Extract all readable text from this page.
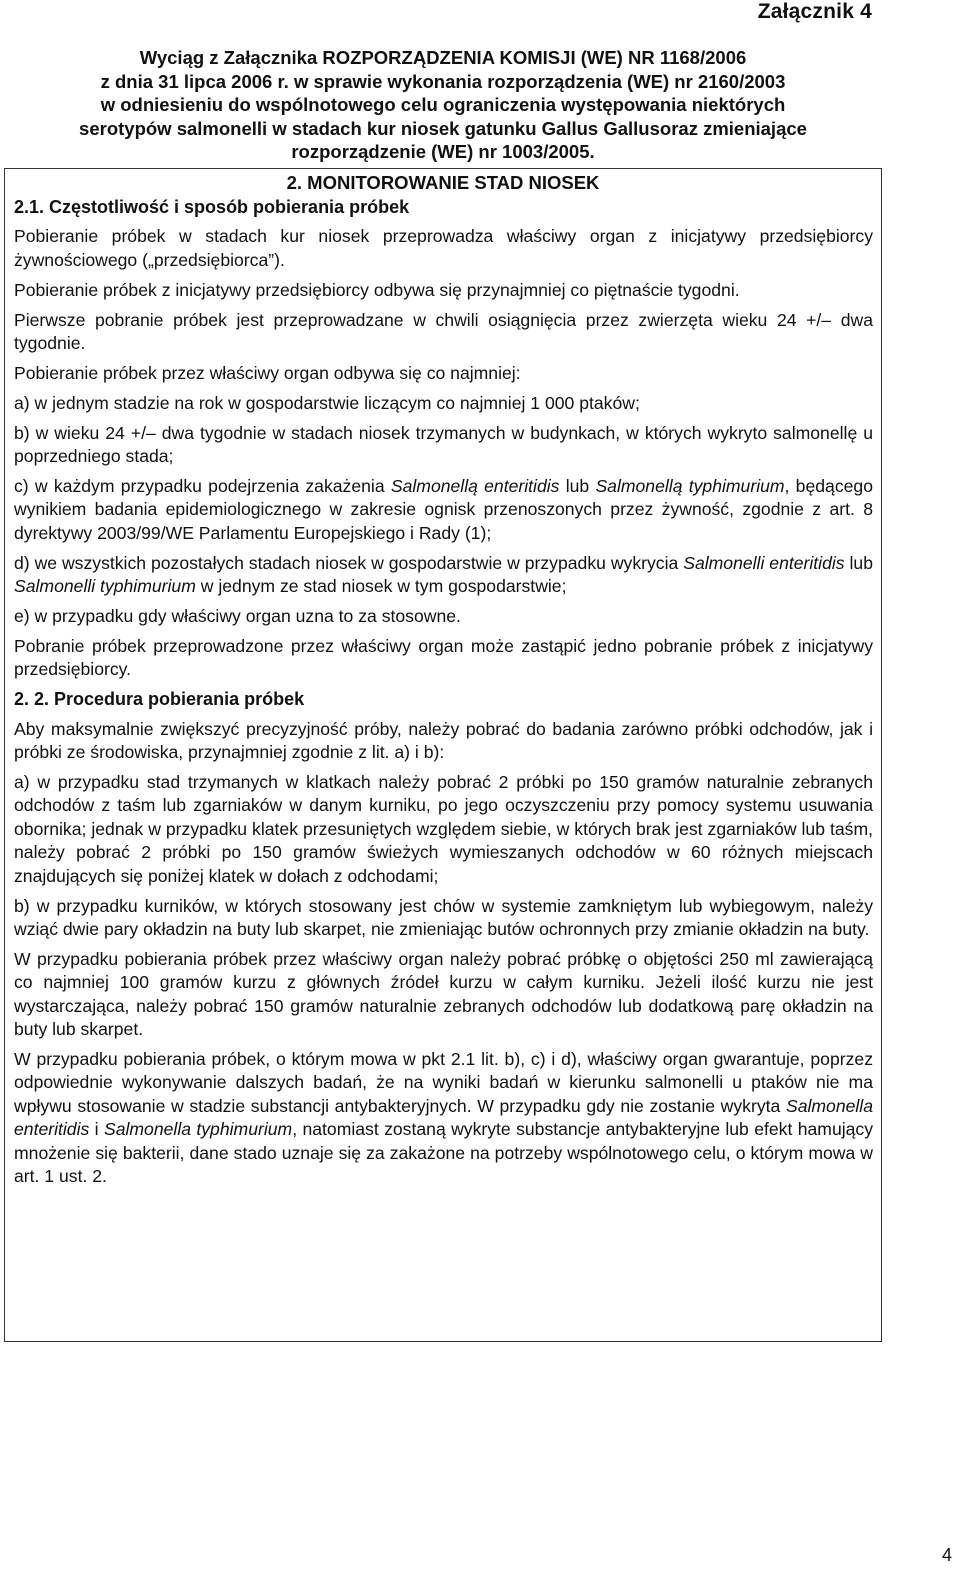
Załącznik 4
Wyciąg z Załącznika ROZPORZĄDZENIA KOMISJI (WE) NR 1168/2006
z dnia 31 lipca 2006 r. w sprawie wykonania rozporządzenia (WE) nr 2160/2003
w odniesieniu do wspólnotowego celu ograniczenia występowania niektórych
serotypów salmonelli w stadach kur niosek gatunku Gallus Gallusoraz zmieniające
rozporządzenie (WE) nr 1003/2005.
2. MONITOROWANIE STAD NIOSEK
2.1. Częstotliwość i sposób pobierania próbek

Pobieranie próbek w stadach kur niosek przeprowadza właściwy organ z inicjatywy przedsiębiorcy żywnościowego („przedsiębiorca”).

Pobieranie próbek z inicjatywy przedsiębiorcy odbywa się przynajmniej co piętnaście tygodni.

Pierwsze pobranie próbek jest przeprowadzane w chwili osiągnięcia przez zwierzęta wieku 24 +/– dwa tygodnie.

Pobieranie próbek przez właściwy organ odbywa się co najmniej:

a) w jednym stadzie na rok w gospodarstwie liczącym co najmniej 1 000 ptaków;

b) w wieku 24 +/– dwa tygodnie w stadach niosek trzymanych w budynkach, w których wykryto salmonellę u poprzedniego stada;

c) w każdym przypadku podejrzenia zakażenia Salmonellą enteritidis lub Salmonellą typhimurium, będącego wynikiem badania epidemiologicznego w zakresie ognisk przenoszonych przez żywność, zgodnie z art. 8 dyrektywy 2003/99/WE Parlamentu Europejskiego i Rady (1);

d) we wszystkich pozostałych stadach niosek w gospodarstwie w przypadku wykrycia Salmonelli enteritidis lub Salmonelli typhimurium w jednym ze stad niosek w tym gospodarstwie;

e) w przypadku gdy właściwy organ uzna to za stosowne.

Pobranie próbek przeprowadzone przez właściwy organ może zastąpić jedno pobranie próbek z inicjatywy przedsiębiorcy.

2. 2. Procedura pobierania próbek

Aby maksymalnie zwiększyć precyzyjność próby, należy pobrać do badania zarówno próbki odchodów, jak i próbki ze środowiska, przynajmniej zgodnie z lit. a) i b):

a) w przypadku stad trzymanych w klatkach należy pobrać 2 próbki po 150 gramów naturalnie zebranych odchodów z taśm lub zgarniaków w danym kurniku, po jego oczyszczeniu przy pomocy systemu usuwania obornika; jednak w przypadku klatek przesuniętych względem siebie, w których brak jest zgarniaków lub taśm, należy pobrać 2 próbki po 150 gramów świeżych wymieszanych odchodów w 60 różnych miejscach znajdujących się poniżej klatek w dołach z odchodami;

b) w przypadku kurników, w których stosowany jest chów w systemie zamkniętym lub wybiegowym, należy wziąć dwie pary okładzin na buty lub skarpet, nie zmieniając butów ochronnych przy zmianie okładzin na buty.

W przypadku pobierania próbek przez właściwy organ należy pobrać próbkę o objętości 250 ml zawierającą co najmniej 100 gramów kurzu z głównych źródeł kurzu w całym kurniku. Jeżeli ilość kurzu nie jest wystarczająca, należy pobrać 150 gramów naturalnie zebranych odchodów lub dodatkową parę okładzin na buty lub skarpet.

W przypadku pobierania próbek, o którym mowa w pkt 2.1 lit. b), c) i d), właściwy organ gwarantuje, poprzez odpowiednie wykonywanie dalszych badań, że na wyniki badań w kierunku salmonelli u ptaków nie ma wpływu stosowanie w stadzie substancji antybakteryjnych. W przypadku gdy nie zostanie wykryta Salmonella enteritidis i Salmonella typhimurium, natomiast zostaną wykryte substancje antybakteryjne lub efekt hamujący mnożenie się bakterii, dane stado uznaje się za zakażone na potrzeby wspólnotowego celu, o którym mowa w art. 1 ust. 2.

4
